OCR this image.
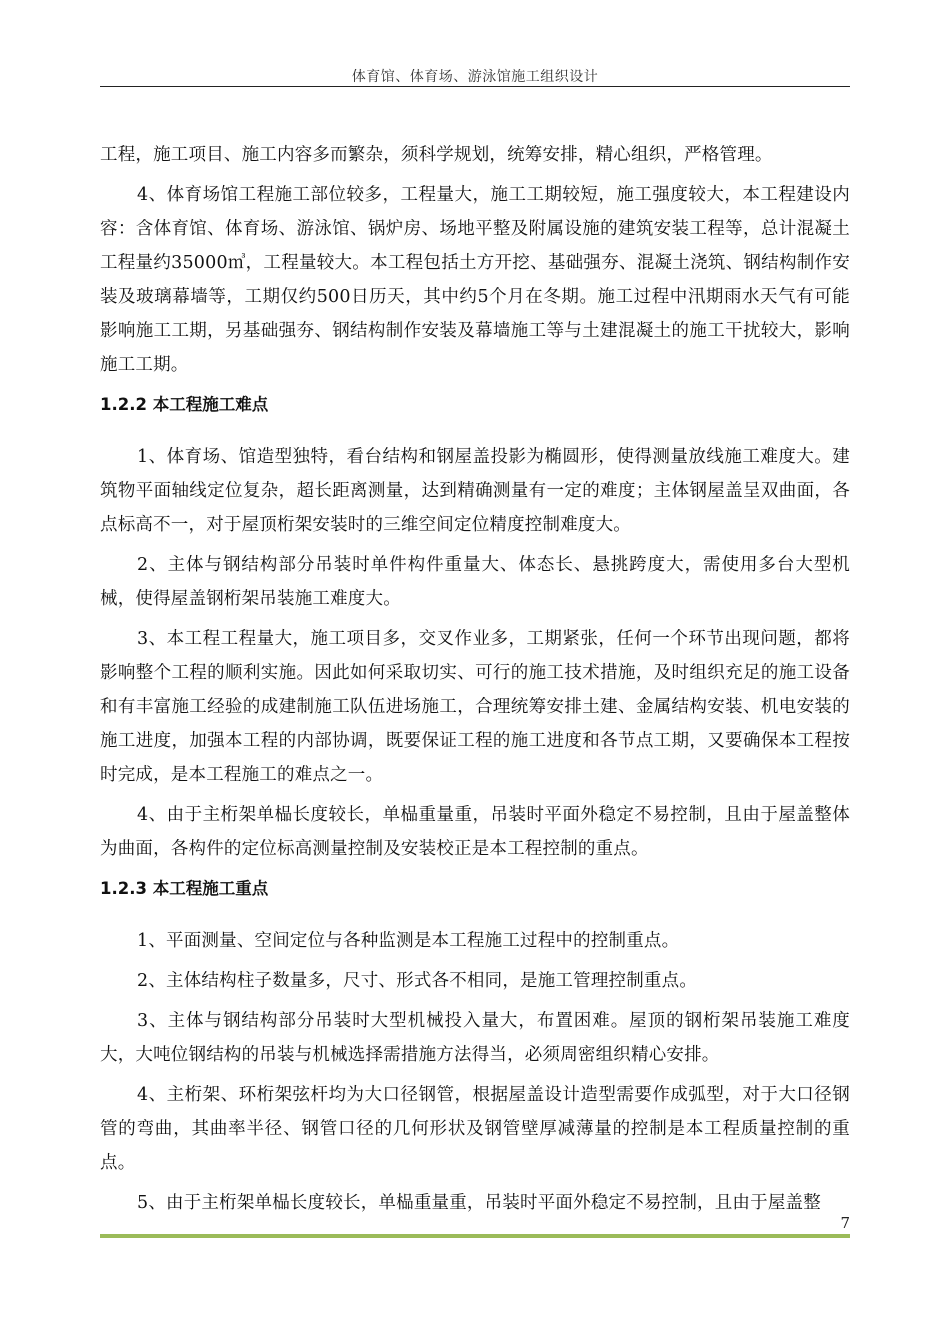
体育馆、体育场、游泳馆施工组织设计

工程，施工项目、施工内容多而繁杂，须科学规划，统筹安排，精心组织，严格管理。

4、体育场馆工程施工部位较多，工程量大，施工工期较短，施工强度较大，本工程建设内容：含体育馆、体育场、游泳馆、锅炉房、场地平整及附属设施的建筑安装工程等，总计混凝土工程量约35000㎥，工程量较大。本工程包括土方开挖、基础强夯、混凝土浇筑、钢结构制作安装及玻璃幕墙等，工期仅约500日历天，其中约5个月在冬期。施工过程中汛期雨水天气有可能影响施工工期，另基础强夯、钢结构制作安装及幕墙施工等与土建混凝土的施工干扰较大，影响施工工期。

1.2.2 本工程施工难点

1、体育场、馆造型独特，看台结构和钢屋盖投影为椭圆形，使得测量放线施工难度大。建筑物平面轴线定位复杂，超长距离测量，达到精确测量有一定的难度；主体钢屋盖呈双曲面，各点标高不一，对于屋顶桁架安装时的三维空间定位精度控制难度大。

2、主体与钢结构部分吊装时单件构件重量大、体态长、悬挑跨度大，需使用多台大型机械，使得屋盖钢桁架吊装施工难度大。

3、本工程工程量大，施工项目多，交叉作业多，工期紧张，任何一个环节出现问题，都将影响整个工程的顺利实施。因此如何采取切实、可行的施工技术措施，及时组织充足的施工设备和有丰富施工经验的成建制施工队伍进场施工，合理统筹安排土建、金属结构安装、机电安装的施工进度，加强本工程的内部协调，既要保证工程的施工进度和各节点工期，又要确保本工程按时完成，是本工程施工的难点之一。

4、由于主桁架单榀长度较长，单榀重量重，吊装时平面外稳定不易控制，且由于屋盖整体为曲面，各构件的定位标高测量控制及安装校正是本工程控制的重点。

1.2.3 本工程施工重点

1、平面测量、空间定位与各种监测是本工程施工过程中的控制重点。

2、主体结构柱子数量多，尺寸、形式各不相同，是施工管理控制重点。

3、主体与钢结构部分吊装时大型机械投入量大，布置困难。屋顶的钢桁架吊装施工难度大，大吨位钢结构的吊装与机械选择需措施方法得当，必须周密组织精心安排。

4、主桁架、环桁架弦杆均为大口径钢管，根据屋盖设计造型需要作成弧型，对于大口径钢管的弯曲，其曲率半径、钢管口径的几何形状及钢管壁厚减薄量的控制是本工程质量控制的重点。

5、由于主桁架单榀长度较长，单榀重量重，吊装时平面外稳定不易控制，且由于屋盖整

7
